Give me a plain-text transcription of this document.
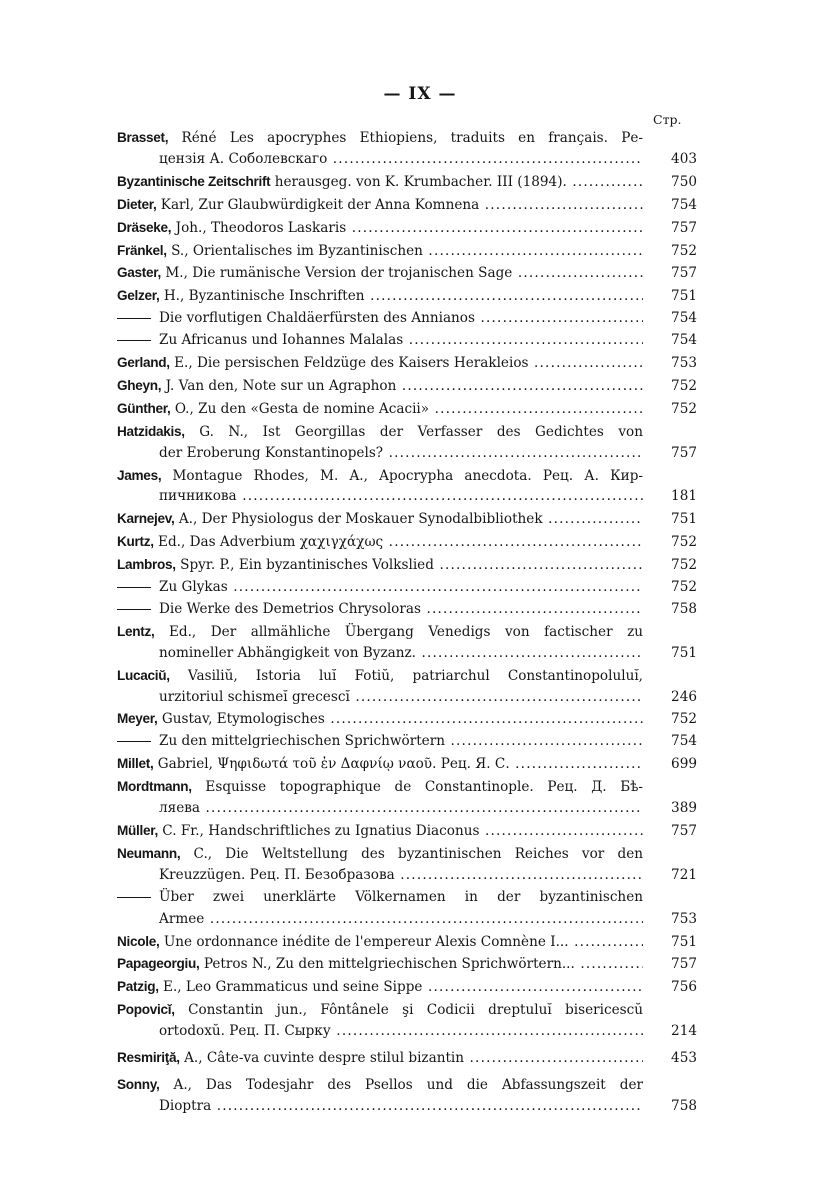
— IX —
Стр.
Brasset, Réné Les apocryphes Ethiopiens, traduits en français. Ре-
цензія А. Соболевскаго .....	403
Byzantinische Zeitschrift herausgeg. von K. Krumbacher. III (1894). .....	750
Dieter, Karl, Zur Glaubwürdigkeit der Anna Komnena .....	754
Dräseke, Joh., Theodoros Laskaris .....	757
Fränkel, S., Orientalisches im Byzantinischen .....	752
Gaster, M., Die rumänische Version der trojanischen Sage .....	757
Gelzer, H., Byzantinische Inschriften .....	751
Die vorflutigen Chaldäerfürsten des Annianos .....	754
Zu Africanus und Iohannes Malalas .....	754
Gerland, E., Die persischen Feldzüge des Kaisers Herakleios .....	753
Gheyn, J. Van den, Note sur un Agraphon .....	752
Günther, O., Zu den «Gesta de nomine Acacii» .....	752
Hatzidakis, G. N., Ist Georgillas der Verfasser des Gedichtes von
der Eroberung Konstantinopels? .....	757
James, Montague Rhodes, M. A., Apocrypha anecdota. Рец. А. Кир-
пичникова .....	181
Karnejev, A., Der Physiologus der Moskauer Synodalbibliothek .....	751
Kurtz, Ed., Das Adverbium χαχιγχάχως .....	752
Lambros, Spyr. P., Ein byzantinisches Volkslied .....	752
Zu Glykas .....	752
Die Werke des Demetrios Chrysoloras .....	758
Lentz, Ed., Der allmähliche Übergang Venedigs von factischer zu
nomineller Abhängigkeit von Byzanz. .....	751
Lucaciŭ, Vasiliŭ, Istoria luĭ Fotiŭ, patriarchul Constantinopoluluĭ,
urzitoriul schismeĭ grecescĭ .....	246
Meyer, Gustav, Etymologisches .....	752
Zu den mittelgriechischen Sprichwörtern .....	754
Millet, Gabriel, Ψηφιδωτά τοῦ ἐν Δαφνίῳ ναοῦ. Рец. Я. С. .....	699
Mordtmann, Esquisse topographique de Constantinople. Рец. Д. Бѣ-
ляева .....	389
Müller, C. Fr., Handschriftliches zu Ignatius Diaconus .....	757
Neumann, C., Die Weltstellung des byzantinischen Reiches vor den
Kreuzzügen. Рец. П. Безобразова .....	721
Über zwei unerklärte Völkernamen in der byzantinischen
Armee .....	753
Nicole, Une ordonnance inédite de l'empereur Alexis Comnène I... .....	751
Papageorgiu, Petros N., Zu den mittelgriechischen Sprichwörtern... .....	757
Patzig, E., Leo Grammaticus und seine Sippe .....	756
Popovicĭ, Constantin jun., Fôntânele şi Codicii dreptuluĭ bisericescŭ
ortodoxŭ. Рец. П. Сырку .....	214
Resmiriţă, A., Câte-va cuvinte despre stilul bizantin .....	453
Sonny, A., Das Todesjahr des Psellos und die Abfassungszeit der
Dioptra .....	758
